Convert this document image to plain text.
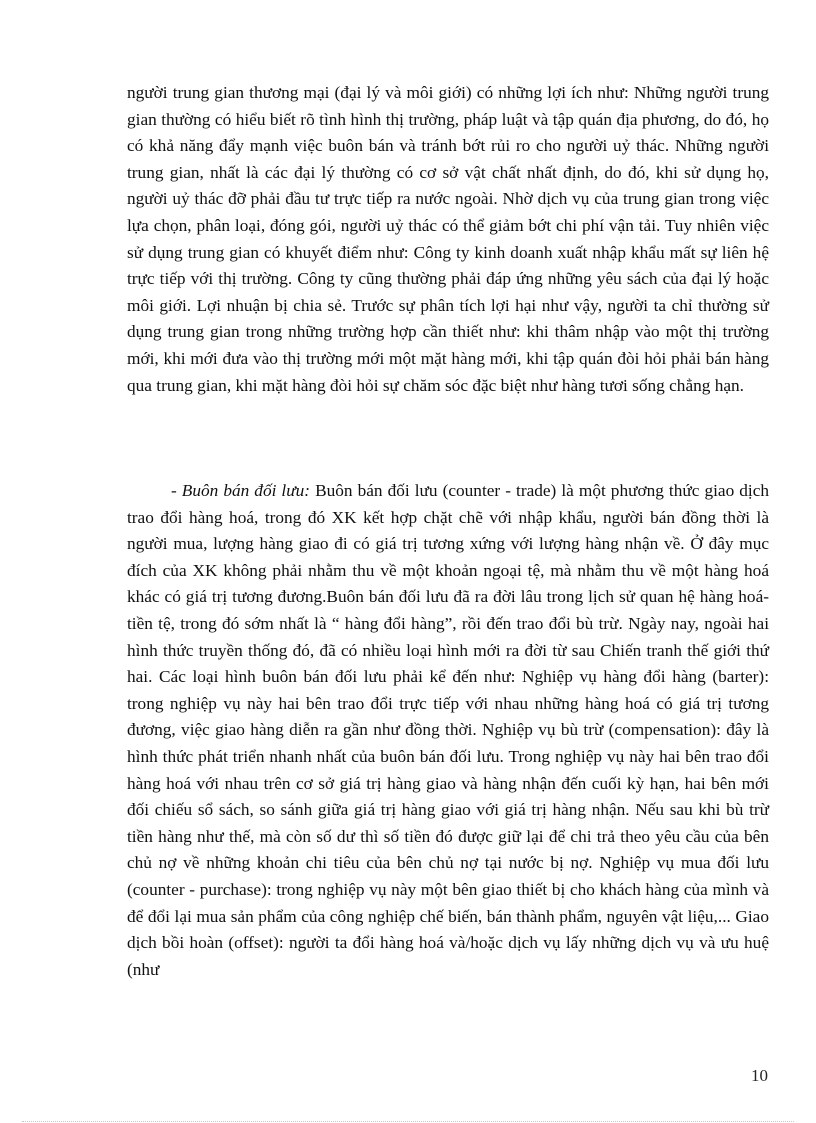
người trung gian thương mại (đại lý và môi giới) có những lợi ích như: Những người trung gian thường có hiểu biết rõ tình hình thị trường, pháp luật và tập quán địa phương, do đó, họ có khả năng đẩy mạnh việc buôn bán và tránh bớt rủi ro cho người uỷ thác. Những người trung gian, nhất là các đại lý thường có cơ sở vật chất nhất định, do đó, khi sử dụng họ, người uỷ thác đỡ phải đầu tư trực tiếp ra nước ngoài. Nhờ dịch vụ của trung gian trong việc lựa chọn, phân loại, đóng gói, người uỷ thác có thể giảm bớt chi phí vận tải. Tuy nhiên việc sử dụng trung gian có khuyết điểm như: Công ty kinh doanh xuất nhập khẩu mất sự liên hệ trực tiếp với thị trường. Công ty cũng thường phải đáp ứng những yêu sách của đại lý hoặc môi giới. Lợi nhuận bị chia sẻ. Trước sự phân tích lợi hại như vậy, người ta chỉ thường sử dụng trung gian trong những trường hợp cần thiết như: khi thâm nhập vào một thị trường mới, khi mới đưa vào thị trường mới một mặt hàng mới, khi tập quán đòi hỏi phải bán hàng qua trung gian, khi mặt hàng đòi hỏi sự chăm sóc đặc biệt như hàng tươi sống chẳng hạn.

- Buôn bán đối lưu: Buôn bán đối lưu (counter - trade) là một phương thức giao dịch trao đổi hàng hoá, trong đó XK kết hợp chặt chẽ với nhập khẩu, người bán đồng thời là người mua, lượng hàng giao đi có giá trị tương xứng với lượng hàng nhận về. Ở đây mục đích của XK không phải nhằm thu về một khoản ngoại tệ, mà nhằm thu về một hàng hoá khác có giá trị tương đương.Buôn bán đối lưu đã ra đời lâu trong lịch sử quan hệ hàng hoá- tiền tệ, trong đó sớm nhất là “ hàng đổi hàng”, rồi đến trao đổi bù trừ. Ngày nay, ngoài hai hình thức truyền thống đó, đã có nhiều loại hình mới ra đời từ sau Chiến tranh thế giới thứ hai. Các loại hình buôn bán đối lưu phải kể đến như: Nghiệp vụ hàng đổi hàng (barter): trong nghiệp vụ này hai bên trao đổi trực tiếp với nhau những hàng hoá có giá trị tương đương, việc giao hàng diễn ra gần như đồng thời. Nghiệp vụ bù trừ (compensation): đây là hình thức phát triển nhanh nhất của buôn bán đối lưu. Trong nghiệp vụ này hai bên trao đổi hàng hoá với nhau trên cơ sở giá trị hàng giao và hàng nhận đến cuối kỳ hạn, hai bên mới đối chiếu sổ sách, so sánh giữa giá trị hàng giao với giá trị hàng nhận. Nếu sau khi bù trừ tiền hàng như thế, mà còn số dư thì số tiền đó được giữ lại để chi trả theo yêu cầu của bên chủ nợ về những khoản chi tiêu của bên chủ nợ tại nước bị nợ. Nghiệp vụ mua đối lưu (counter - purchase): trong nghiệp vụ này một bên giao thiết bị cho khách hàng của mình và để đổi lại mua sản phẩm của công nghiệp chế biến, bán thành phẩm, nguyên vật liệu,... Giao dịch bồi hoàn (offset): người ta đổi hàng hoá và/hoặc dịch vụ lấy những dịch vụ và ưu huệ (như

10
